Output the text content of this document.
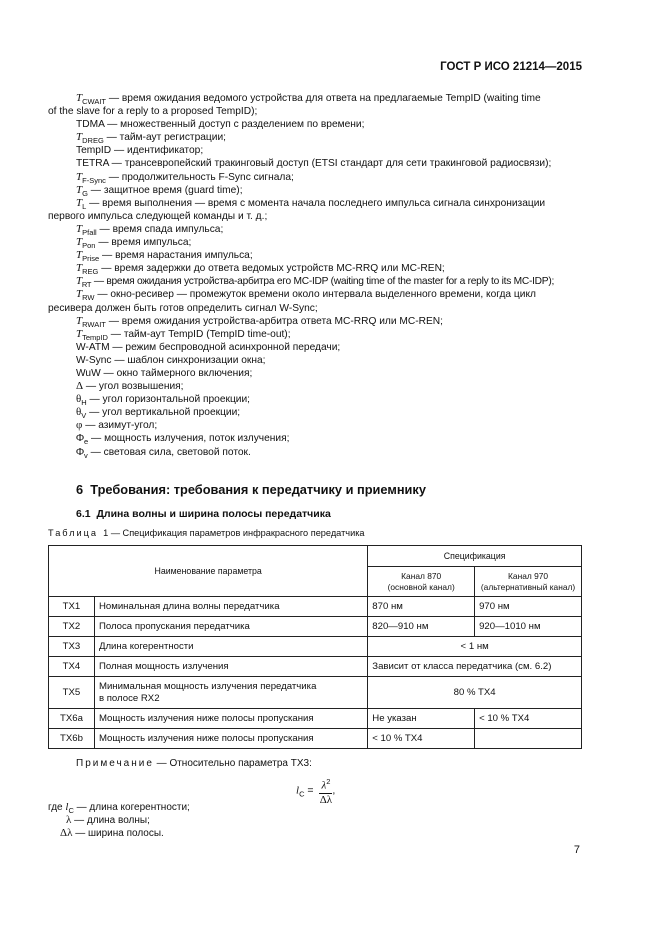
ГОСТ Р ИСО 21214—2015
$T_{CWAIT}$ — время ожидания ведомого устройства для ответа на предлагаемые TempID (waiting time
of the slave for a reply to a proposed TempID);
TDMA — множественный доступ с разделением по времени;
$T_{DREG}$ — тайм-аут регистрации;
TempID — идентификатор;
TETRA — трансевропейский тракинговый доступ (ETSI стандарт для сети тракинговой радиосвязи);
$T_{F-Sync}$ — продолжительность F-Sync сигнала;
$T_G$ — защитное время (guard time);
$T_L$ — время выполнения — время с момента начала последнего импульса сигнала синхронизации
первого импульса следующей команды и т. д.;
$T_{Pfall}$ — время спада импульса;
$T_{Pon}$ — время импульса;
$T_{Prise}$ — время нарастания импульса;
$T_{REG}$ — время задержки до ответа ведомых устройств MC-RRQ или MC-REN;
$T_{RT}$ — время ожидания устройства-арбитра его MC-IDP (waiting time of the master for a reply to its MC-IDP);
$T_{RW}$ — окно-ресивер — промежуток времени около интервала выделенного времени, когда цикл
ресивера должен быть готов определить сигнал W-Sync;
$T_{RWAIT}$ — время ожидания устройства-арбитра ответа MC-RRQ или MC-REN;
$T_{TempID}$ — тайм-аут TempID (TempID time-out);
W-ATM — режим беспроводной асинхронной передачи;
W-Sync — шаблон синхронизации окна;
WuW — окно таймерного включения;
Δ — угол возвышения;
$\theta_H$ — угол горизонтальной проекции;
$\theta_V$ — угол вертикальной проекции;
φ — азимут-угол;
$\Phi_e$ — мощность излучения, поток излучения;
$\Phi_v$ — световая сила, световой поток.
6 Требования: требования к передатчику и приемнику
6.1 Длина волны и ширина полосы передатчика
Таблица 1 — Спецификация параметров инфракрасного передатчика
Наименование параметра		Спецификация	
		Канал 870
(основной канал)	Канал 970
(альтернативный канал)
TX1	Номинальная длина волны передатчика	870 нм	970 нм
TX2	Полоса пропускания передатчика	820—910 нм	920—1010 нм
TX3	Длина когерентности	< 1 нм	
TX4	Полная мощность излучения	Зависит от класса передатчика (см. 6.2)	
TX5	Минимальная мощность излучения передатчика
в полосе RX2	80 % TX4	
TX6a	Мощность излучения ниже полосы пропускания	Не указан	< 10 % TX4
TX6b	Мощность излучения ниже полосы пропускания	< 10 % TX4	
Примечание — Относительно параметра TX3:
$l_C = \frac{\lambda^2}{\Delta\lambda}$ ,
где $l_C$ — длина когерентности;
λ — длина волны;
Δλ — ширина полосы.
7
